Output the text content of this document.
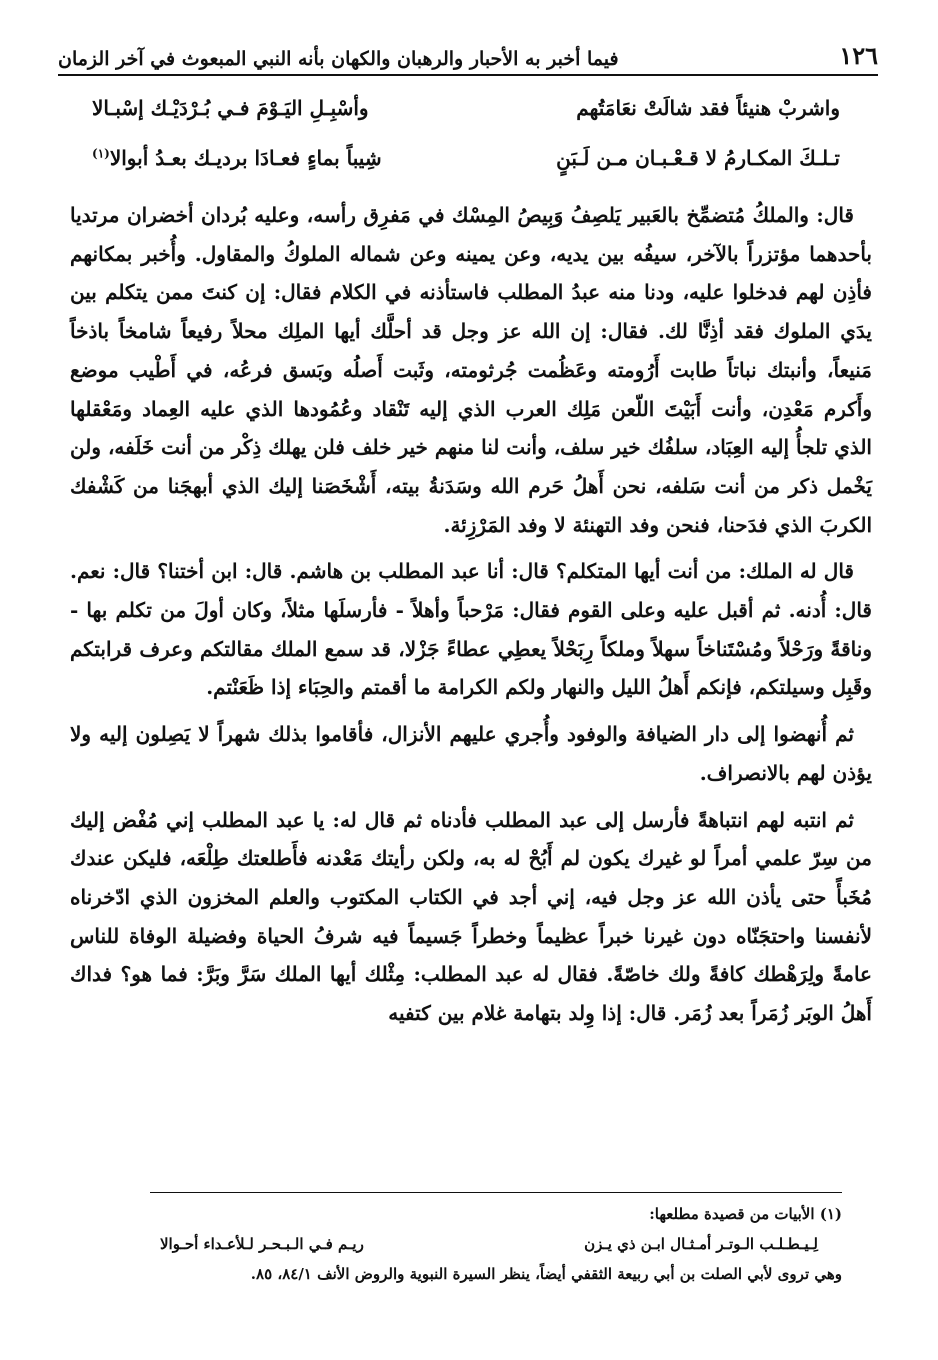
١٢٦
فيما أخبر به الأحبار والرهبان والكهان بأنه النبي المبعوث في آخر الزمان
واشربْ هنيئاً فقد شالَتْ نعَامَتُهم
وأسْبِـلِ اليَـوْمَ فـي بُـرْدَيْـك إسْبـالا
تـلـكَ المكـارمُ لا قـعْـبـان مـن لَـبَنٍ
شِيباً بماءٍ فعـادَا برديـك بعـدُ أبوالا$^{(١)}$

قال: والملكُ مُتضمِّخ بالعَبير يَلصِفُ وَبِيصُ المِسْك في مَفرِق رأسه، وعليه بُردان أخضران مرتديا بأحدهما مؤتزراً بالآخر، سيفُه بين يديه، وعن يمينه وعن شماله الملوكُ والمقاول. وأُخبر بمكانهم فأذِن لهم فدخلوا عليه، ودنا منه عبدُ المطلب فاستأذنه في الكلام فقال: إن كنتَ ممن يتكلم بين يدَي الملوك فقد أذِنَّا لك. فقال: إن الله عز وجل قد أحلَّك أيها الملِك محلاً رفيعاً شامخاً باذخاً مَنيعاً، وأنبتك نباتاً طابت أَرُومته وعَظُمت جُرثومته، وثَبت أَصلُه وبَسق فرعُه، في أَطْيب موضع وأَكرم مَعْدِن، وأنت أَبَيْتَ اللّعن مَلِك العرب الذي إليه تَنْقاد وعُمُودها الذي عليه العِماد ومَعْقلها الذي تلجأُ إليه العِبَاد، سلفُك خير سلف، وأنت لنا منهم خير خلف فلن يهلك ذِكْر من أنت خَلَفه، ولن يَخْمل ذكر من أنت سَلفه، نحن أَهلُ حَرم الله وسَدَنةُ بيته، أَشْخَصَنا إليك الذي أبهجَنا من كَشْفك الكربَ الذي فدَحنا، فنحن وفد التهنئة لا وفد المَرْزِئة.

قال له الملك: من أنت أيها المتكلم؟ قال: أنا عبد المطلب بن هاشم. قال: ابن أختنا؟ قال: نعم. قال: أُدنه. ثم أقبل عليه وعلى القوم فقال: مَرْحباً وأهلاً - فأرسلَها مثلاً، وكان أولَ من تكلم بها - وناقةً ورَحْلاً ومُسْتَناخاً سهلاً وملكاً رِبَحْلاً يعطِي عطاءً جَزْلا، قد سمع الملك مقالتكم وعرف قرابتكم وقَبِل وسيلتكم، فإنكم أَهلُ الليل والنهار ولكم الكرامة ما أقمتم والحِبَاء إذا ظَعَنْتم.

ثم أُنهضوا إلى دار الضيافة والوفود وأُجري عليهم الأنزال، فأقاموا بذلك شهراً لا يَصِلون إليه ولا يؤذن لهم بالانصراف.

ثم انتبه لهم انتباهةً فأرسل إلى عبد المطلب فأدناه ثم قال له: يا عبد المطلب إني مُفْض إليك من سِرّ علمي أمراً لو غيرك يكون لم أَبُحْ له به، ولكن رأيتك مَعْدنه فأَطلعتك طِلْعَه، فليكن عندك مُخَبأً حتى يأذن الله عز وجل فيه، إني أجد في الكتاب المكتوب والعلم المخزون الذي ادّخرناه لأنفسنا واحتجَنّاه دون غيرنا خبراً عظيماً وخطراً جَسيماً فيه شرفُ الحياة وفضيلة الوفاة للناس عامةً ولِرَهْطك كافةً ولك خاصّةً. فقال له عبد المطلب: مِثْلك أيها الملك سَرَّ وبَرَّ: فما هو؟ فداك أَهلُ الوبَر زُمَراً بعد زُمَر. قال: إذا وِلد بتهامة غلام بين كتفيه

(١) الأبيات من قصيدة مطلعها:

لِـيـطـلـب الـوتـر أمـثـال ابـن ذي يـزن
ريـم فـي الـبـحـر لـلأعـداء أحـوالا

وهي تروى لأبي الصلت بن أبي ربيعة الثقفي أيضاً، ينظر السيرة النبوية والروض الأنف ٨٤/١، ٨٥.
